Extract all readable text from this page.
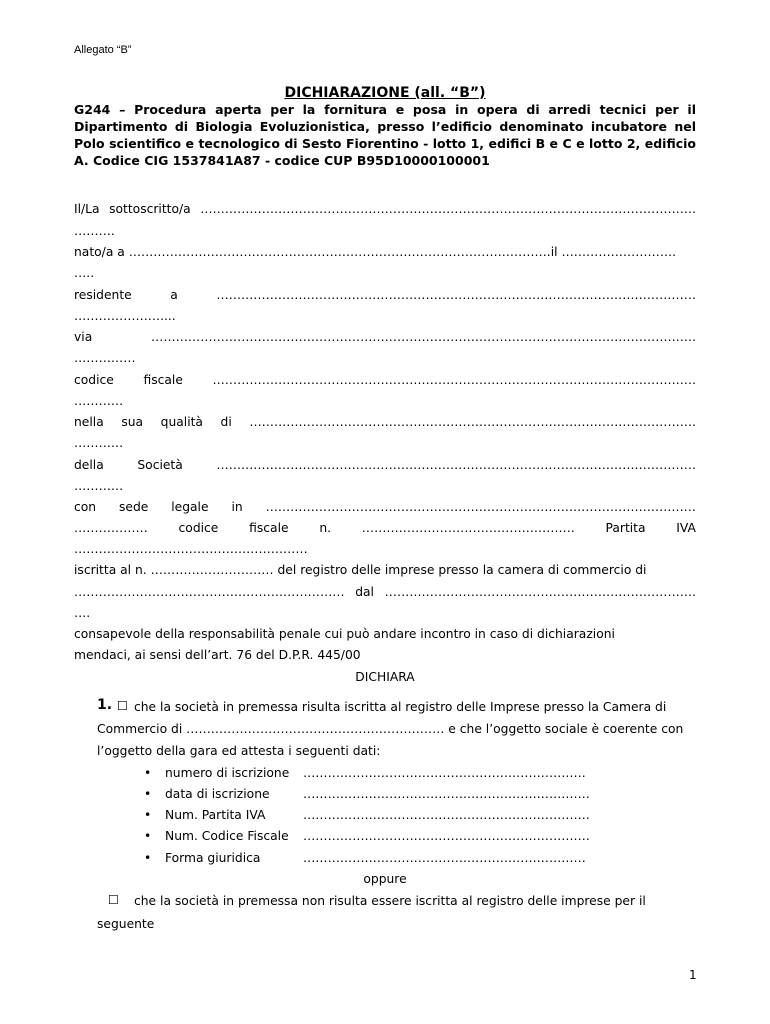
Allegato “B”
DICHIARAZIONE (all. “B”)
G244 – Procedura aperta per la fornitura e posa in opera di arredi tecnici per il Dipartimento di Biologia Evoluzionistica, presso l’edificio denominato incubatore nel Polo scientifico e tecnologico di Sesto Fiorentino - lotto 1, edifici B e C e lotto 2, edificio A. Codice CIG 1537841A87 - codice CUP B95D10000100001
Il/La sottoscritto/a ………………………………………………………………………………………………………….
……….
nato/a a ………………………………………………………………………………………….il ……………………….
…..
residente	a	………………………………………………………………………………………………………
…………………....
via	…………………………………………………………………………………………………………………….
……………
codice fiscale ……………………………………………………………………………………………………….
…………
nella sua qualità di ……………………………………………………………………………………………….
…………
della	Società	………………………………………………………………………………………………………
…………
con sede legale in ……………………………………………………………………………………………
………………	codice	fiscale	n.	…………………………………………….	Partita	IVA
…………………………………………………
iscritta al n. ………………………… del registro delle imprese presso la camera di commercio di
………………………………………………………… dal ………………………………………………………………….
….
consapevole della responsabilità penale cui può andare incontro in caso di dichiarazioni
mendaci, ai sensi dell’art. 76 del D.P.R. 445/00
DICHIARA
1. ☐ che la società in premessa risulta iscritta al registro delle Imprese presso la Camera di
Commercio di ……………………………………………………… e che l’oggetto sociale è coerente con
l’oggetto della gara ed attesta i seguenti dati:
• numero di iscrizione ……………………………………………………………
• data di iscrizione	…………………………………………………………….
• Num. Partita IVA	…………………………………………………………….
• Num. Codice Fiscale …………………………………………………………….
• Forma giuridica	……………………………………………………………
oppure
☐ che la società in premessa non risulta essere iscritta al registro delle imprese per il
seguente
1
